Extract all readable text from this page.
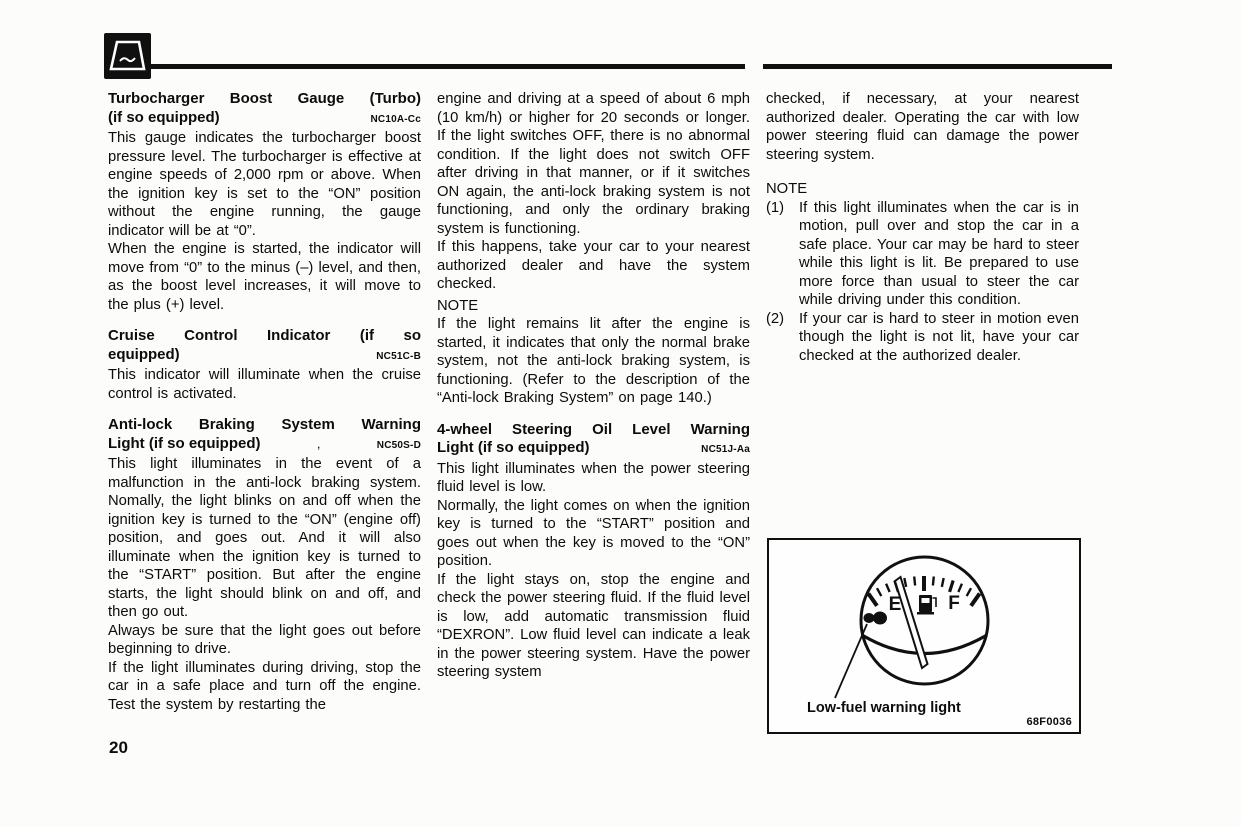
Turbocharger Boost Gauge (Turbo)
(if so equipped)	NC10A-Cc

This gauge indicates the turbocharger boost pressure level. The turbocharger is effective at engine speeds of 2,000 rpm or above. When the ignition key is set to the “ON” position without the engine running, the gauge indicator will be at “0”.

When the engine is started, the indicator will move from “0” to the minus (–) level, and then, as the boost level increases, it will move to the plus (+) level.

Cruise Control Indicator (if so
equipped)	NC51C-B

This indicator will illuminate when the cruise control is activated.

Anti-lock Braking System Warning
Light (if so equipped)	,	NC50S-D

This light illuminates in the event of a malfunction in the anti-lock braking system. Nomally, the light blinks on and off when the ignition key is turned to the “ON” (engine off) position, and goes out. And it will also illuminate when the ignition key is turned to the “START” position. But after the engine starts, the light should blink on and off, and then go out.

Always be sure that the light goes out before beginning to drive.

If the light illuminates during driving, stop the car in a safe place and turn off the engine. Test the system by restarting the

engine and driving at a speed of about 6 mph (10 km/h) or higher for 20 seconds or longer. If the light switches OFF, there is no abnormal condition. If the light does not switch OFF after driving in that manner, or if it switches ON again, the anti-lock braking system is not functioning, and only the ordinary braking system is functioning.

If this happens, take your car to your nearest authorized dealer and have the system checked.

NOTE

If the light remains lit after the engine is started, it indicates that only the normal brake system, not the anti-lock braking system, is functioning. (Refer to the description of the “Anti-lock Braking System” on page 140.)

4-wheel Steering Oil Level Warning
Light (if so equipped)	NC51J-Aa

This light illuminates when the power steering fluid level is low.

Normally, the light comes on when the ignition key is turned to the “START” position and goes out when the key is moved to the “ON” position.

If the light stays on, stop the engine and check the power steering fluid. If the fluid level is low, add automatic transmission fluid “DEXRON”. Low fluid level can indicate a leak in the power steering system. Have the power steering system

checked, if necessary, at your nearest authorized dealer. Operating the car with low power steering fluid can damage the power steering system.

NOTE
(1)	If this light illuminates when the car is in motion, pull over and stop the car in a safe place. Your car may be hard to steer while this light is lit. Be prepared to use more force than usual to steer the car while driving under this condition.

(2)	If your car is hard to steer in motion even though the light is not lit, have your car checked at the authorized dealer.

E F
Low-fuel warning light
68F0036
20
